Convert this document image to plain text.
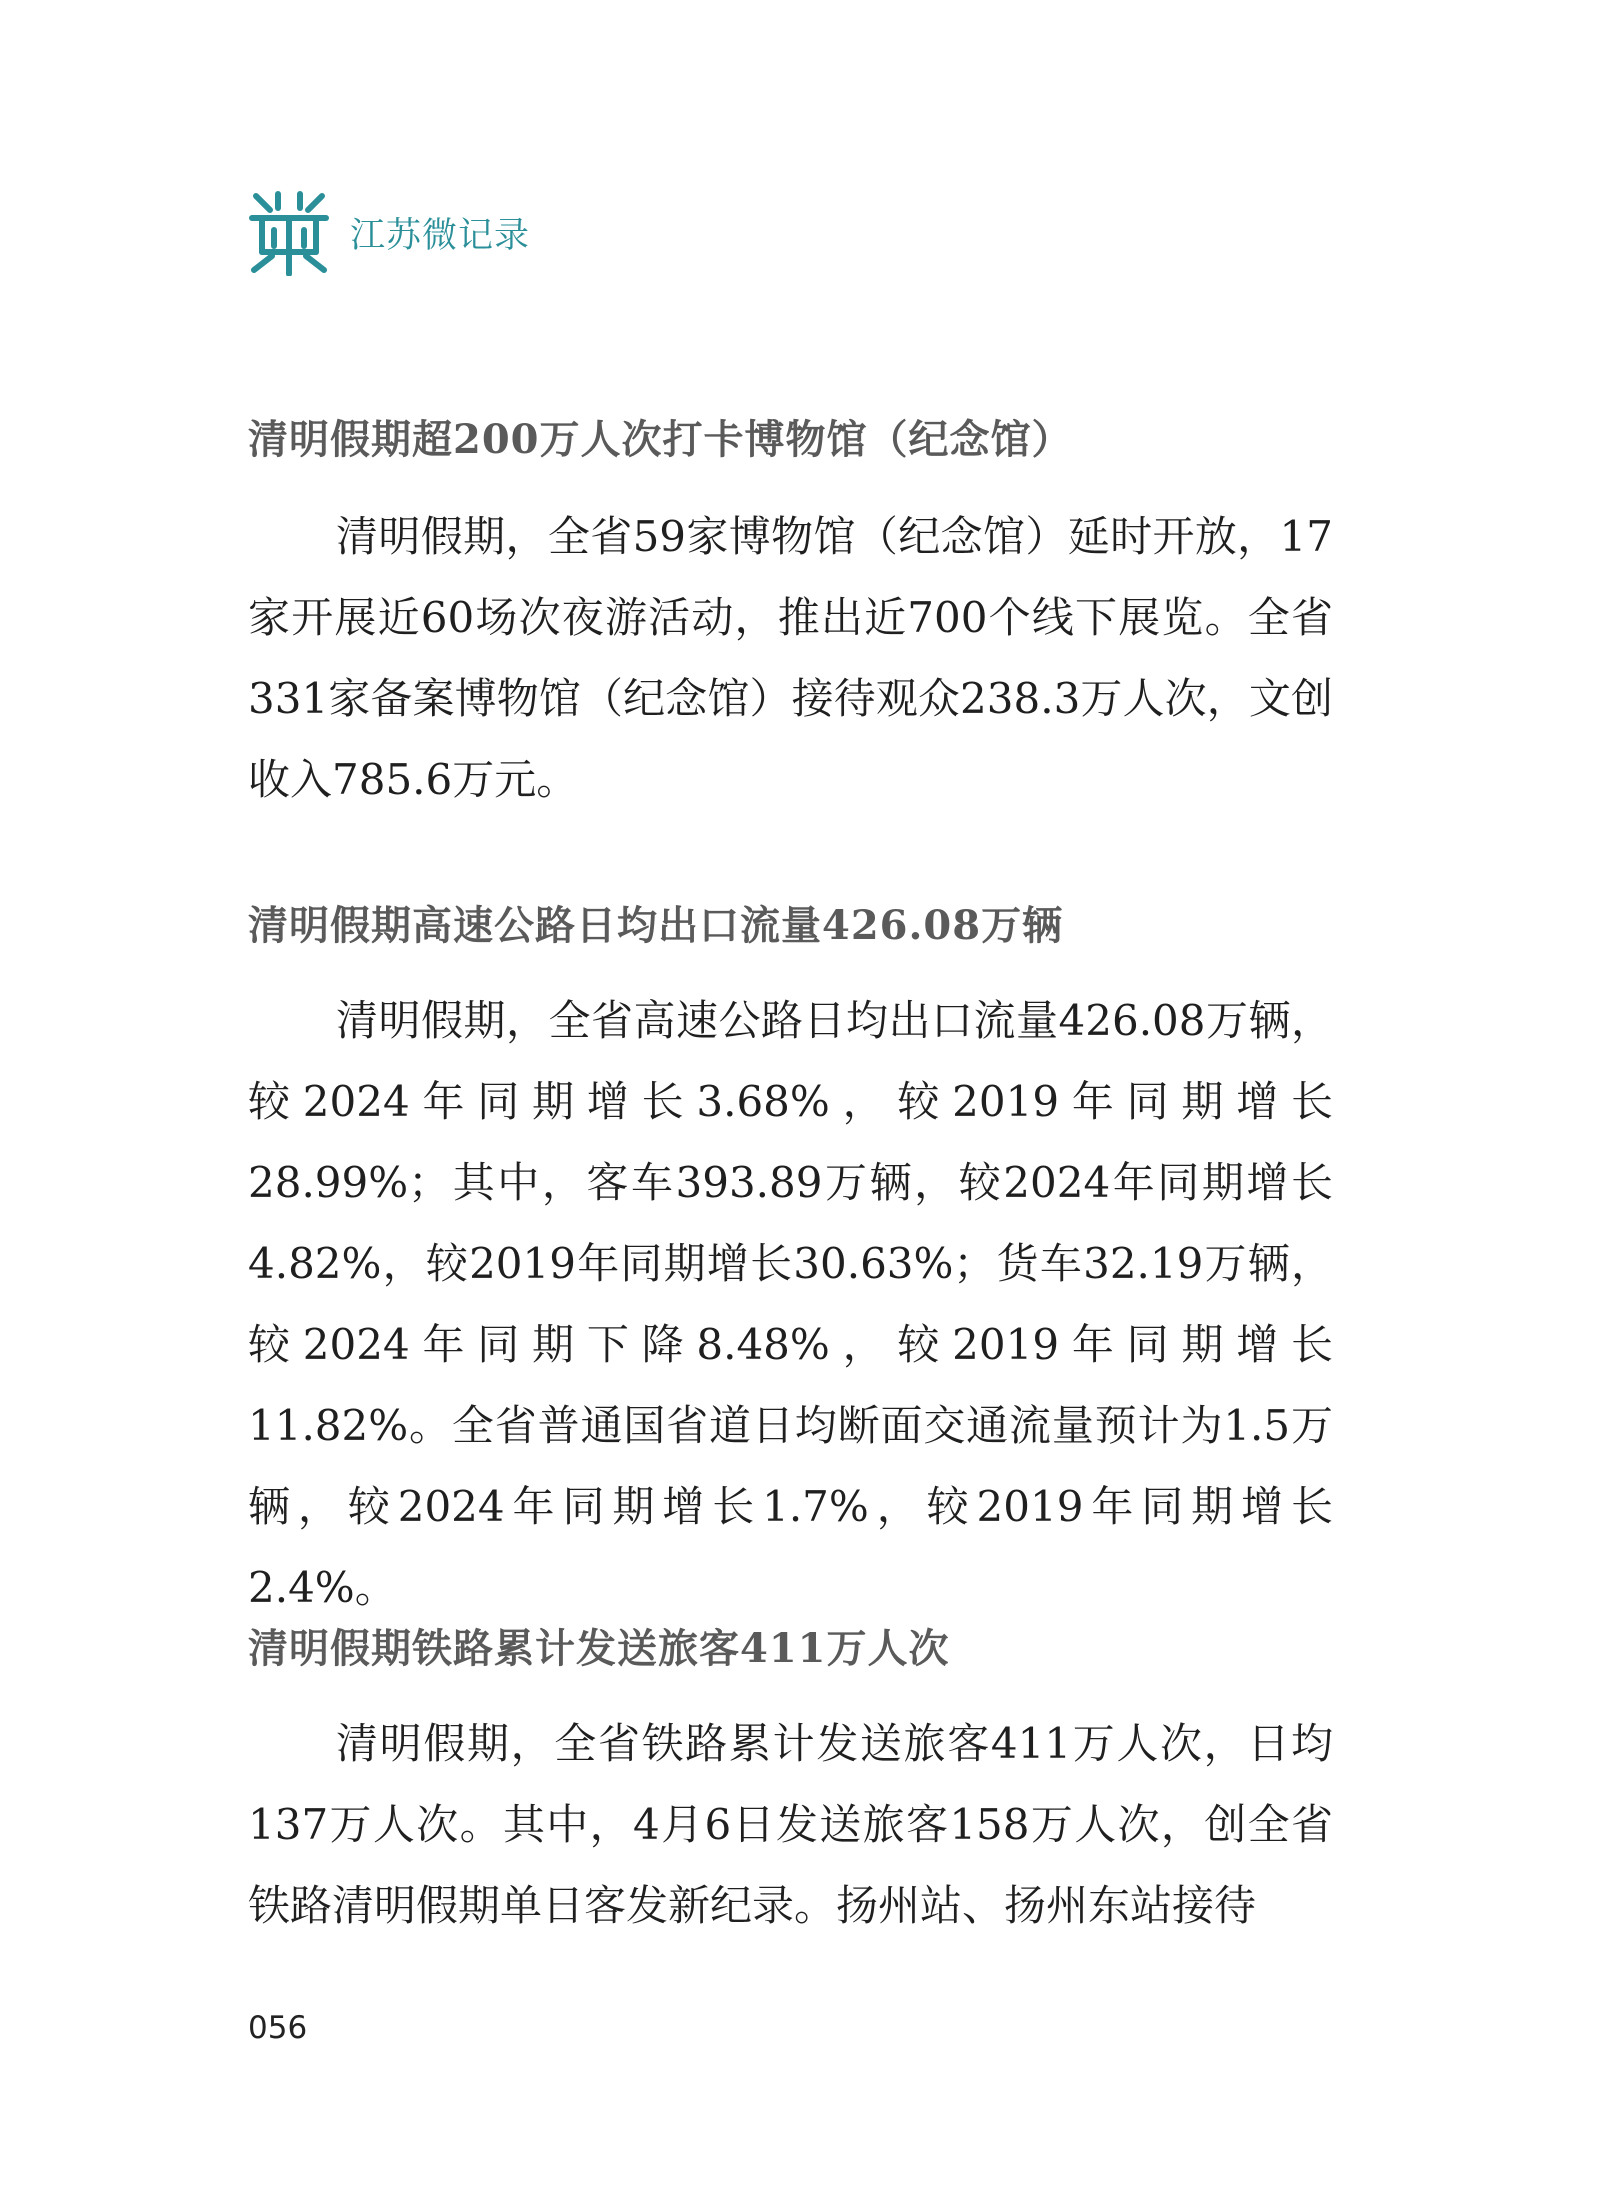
江苏微记录
清明假期超200万人次打卡博物馆（纪念馆）

清明假期，全省59家博物馆（纪念馆）延时开放，17家开展近60场次夜游活动，推出近700个线下展览。全省331家备案博物馆（纪念馆）接待观众238.3万人次，文创收入785.6万元。

清明假期高速公路日均出口流量426.08万辆

清明假期，全省高速公路日均出口流量426.08万辆，较2024年同期增长3.68%，较2019年同期增长28.99%；其中，客车393.89万辆，较2024年同期增长4.82%，较2019年同期增长30.63%；货车32.19万辆，较2024年同期下降8.48%，较2019年同期增长11.82%。全省普通国省道日均断面交通流量预计为1.5万辆，较2024年同期增长1.7%，较2019年同期增长2.4%。

清明假期铁路累计发送旅客411万人次

清明假期，全省铁路累计发送旅客411万人次，日均137万人次。其中，4月6日发送旅客158万人次，创全省铁路清明假期单日客发新纪录。扬州站、扬州东站接待

056
